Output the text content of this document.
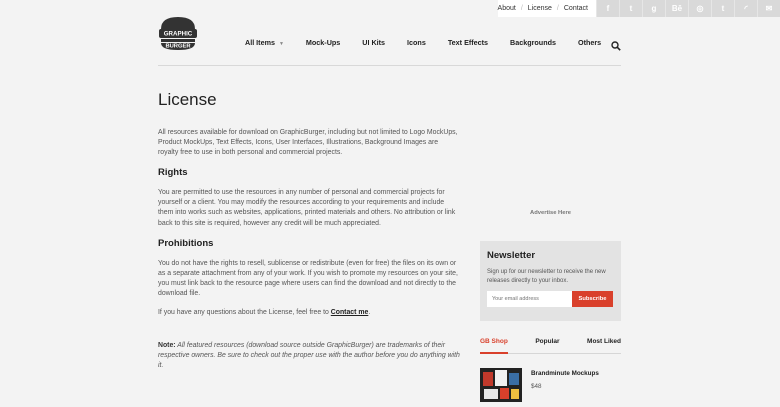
About / License / Contact	f	t	g	Bē	◎	t	◜	✉
GRAPHIC
BURGER	All Items ▼	Mock-Ups	UI Kits	Icons	Text Effects	Backgrounds	Others
License

All resources available for download on GraphicBurger, including but not limited to Logo MockUps, Product MockUps, Text Effects, Icons, User Interfaces, Illustrations, Background Images are royalty free to use in both personal and commercial projects.

Rights

You are permitted to use the resources in any number of personal and commercial projects for yourself or a client. You may modify the resources according to your requirements and include them into works such as websites, applications, printed materials and others. No attribution or link back to this site is required, however any credit will be much appreciated.

Prohibitions

You do not have the rights to resell, sublicense or redistribute (even for free) the files on its own or as a separate attachment from any of your work. If you wish to promote my resources on your site, you must link back to the resource page where users can find the download and not directly to the download file.

If you have any questions about the License, feel free to Contact me.

Note: All featured resources (download source outside GraphicBurger) are trademarks of their respective owners. Be sure to check out the proper use with the author before you do anything with it.

Advertise Here
Newsletter

Sign up for our newsletter to receive the new releases directly to your inbox.

Your email address
Subscribe
GB Shop	Popular	Most Liked
Brandminute Mockups
$48
